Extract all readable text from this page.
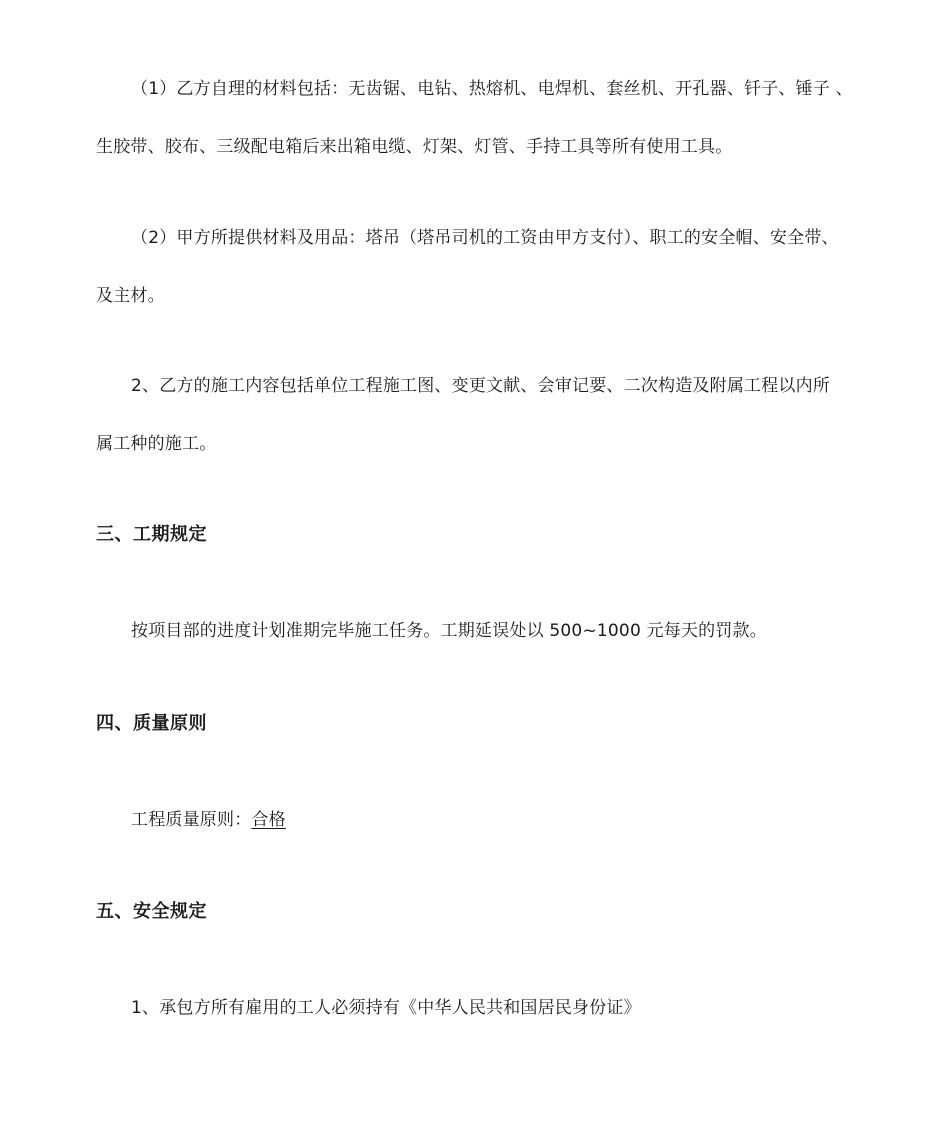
（1）乙方自理的材料包括：无齿锯、电钻、热熔机、电焊机、套丝机、开孔器、钎子、锤子 、
生胶带、胶布、三级配电箱后来出箱电缆、灯架、灯管、手持工具等所有使用工具。
（2）甲方所提供材料及用品：塔吊（塔吊司机的工资由甲方支付）、职工的安全帽、安全带、
及主材。
2、乙方的施工内容包括单位工程施工图、变更文献、会审记要、二次构造及附属工程以内所
属工种的施工。
三、工期规定
按项目部的进度计划准期完毕施工任务。工期延误处以 500~1000 元每天的罚款。
四、质量原则
工程质量原则：合格
五、安全规定
1、承包方所有雇用的工人必须持有《中华人民共和国居民身份证》
